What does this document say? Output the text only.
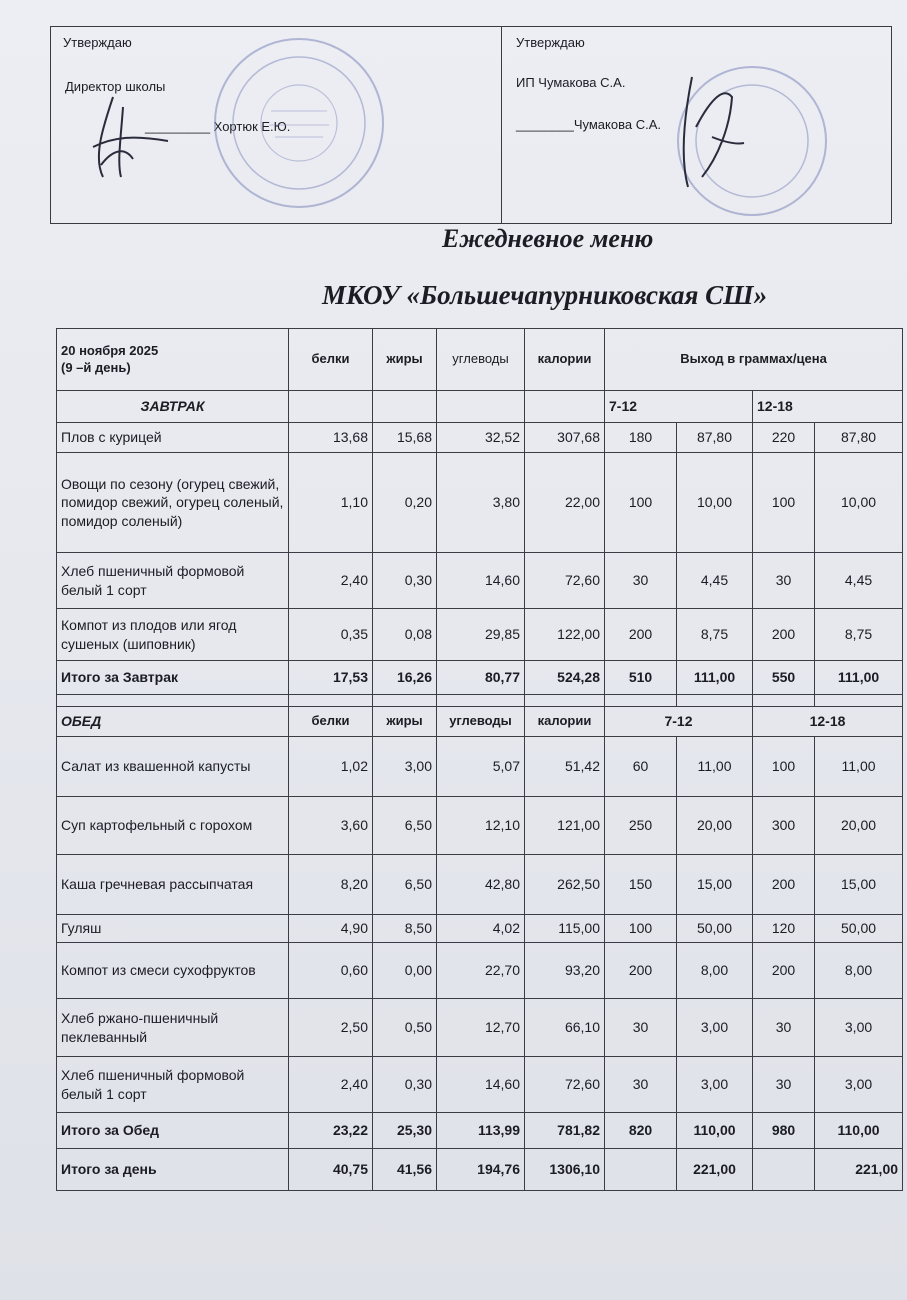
Утверждаю
Директор школы
_________ Хортюк Е.Ю.
Утверждаю
ИП Чумакова С.А.
________Чумакова С.А.
Ежедневное меню
МКОУ «Большечапурниковская СШ»
20 ноября 2025
(9 –й день)	белки	жиры	углеводы	калории	Выход в граммах/цена			
ЗАВТРАК					7-12		12-18	
Плов с курицей	13,68	15,68	32,52	307,68	180	87,80	220	87,80
Овощи по сезону (огурец свежий, помидор свежий, огурец соленый, помидор соленый)	1,10	0,20	3,80	22,00	100	10,00	100	10,00
Хлеб пшеничный формовой белый 1 сорт	2,40	0,30	14,60	72,60	30	4,45	30	4,45
Компот из плодов или ягод сушеных (шиповник)	0,35	0,08	29,85	122,00	200	8,75	200	8,75
Итого за Завтрак	17,53	16,26	80,77	524,28	510	111,00	550	111,00

ОБЕД	белки	жиры	углеводы	калории	7-12		12-18	
Салат из квашенной капусты	1,02	3,00	5,07	51,42	60	11,00	100	11,00
Суп картофельный с горохом	3,60	6,50	12,10	121,00	250	20,00	300	20,00
Каша гречневая рассыпчатая	8,20	6,50	42,80	262,50	150	15,00	200	15,00
Гуляш	4,90	8,50	4,02	115,00	100	50,00	120	50,00
Компот из смеси сухофруктов	0,60	0,00	22,70	93,20	200	8,00	200	8,00
Хлеб ржано-пшеничный пеклеванный	2,50	0,50	12,70	66,10	30	3,00	30	3,00
Хлеб пшеничный формовой белый 1 сорт	2,40	0,30	14,60	72,60	30	3,00	30	3,00
Итого за Обед	23,22	25,30	113,99	781,82	820	110,00	980	110,00
Итого за день	40,75	41,56	194,76	1306,10		221,00		221,00
